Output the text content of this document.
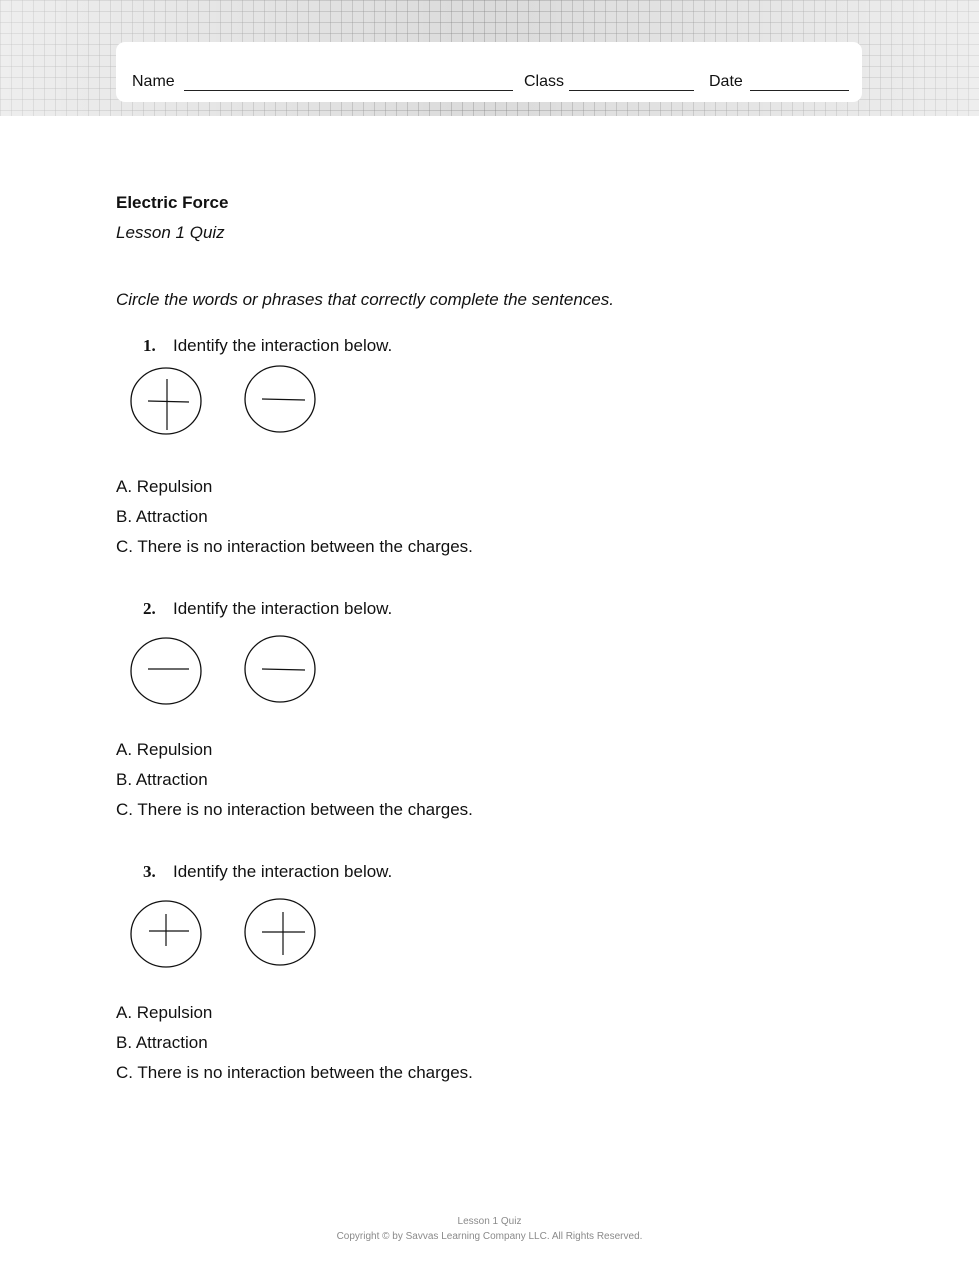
Name	Class	Date
Electric Force
Lesson 1 Quiz
Circle the words or phrases that correctly complete the sentences.
1. Identify the interaction below.
A. Repulsion
B. Attraction
C. There is no interaction between the charges.
2. Identify the interaction below.
A. Repulsion
B. Attraction
C. There is no interaction between the charges.
3. Identify the interaction below.
A. Repulsion
B. Attraction
C. There is no interaction between the charges.
Lesson 1 Quiz
Copyright © by Savvas Learning Company LLC. All Rights Reserved.
